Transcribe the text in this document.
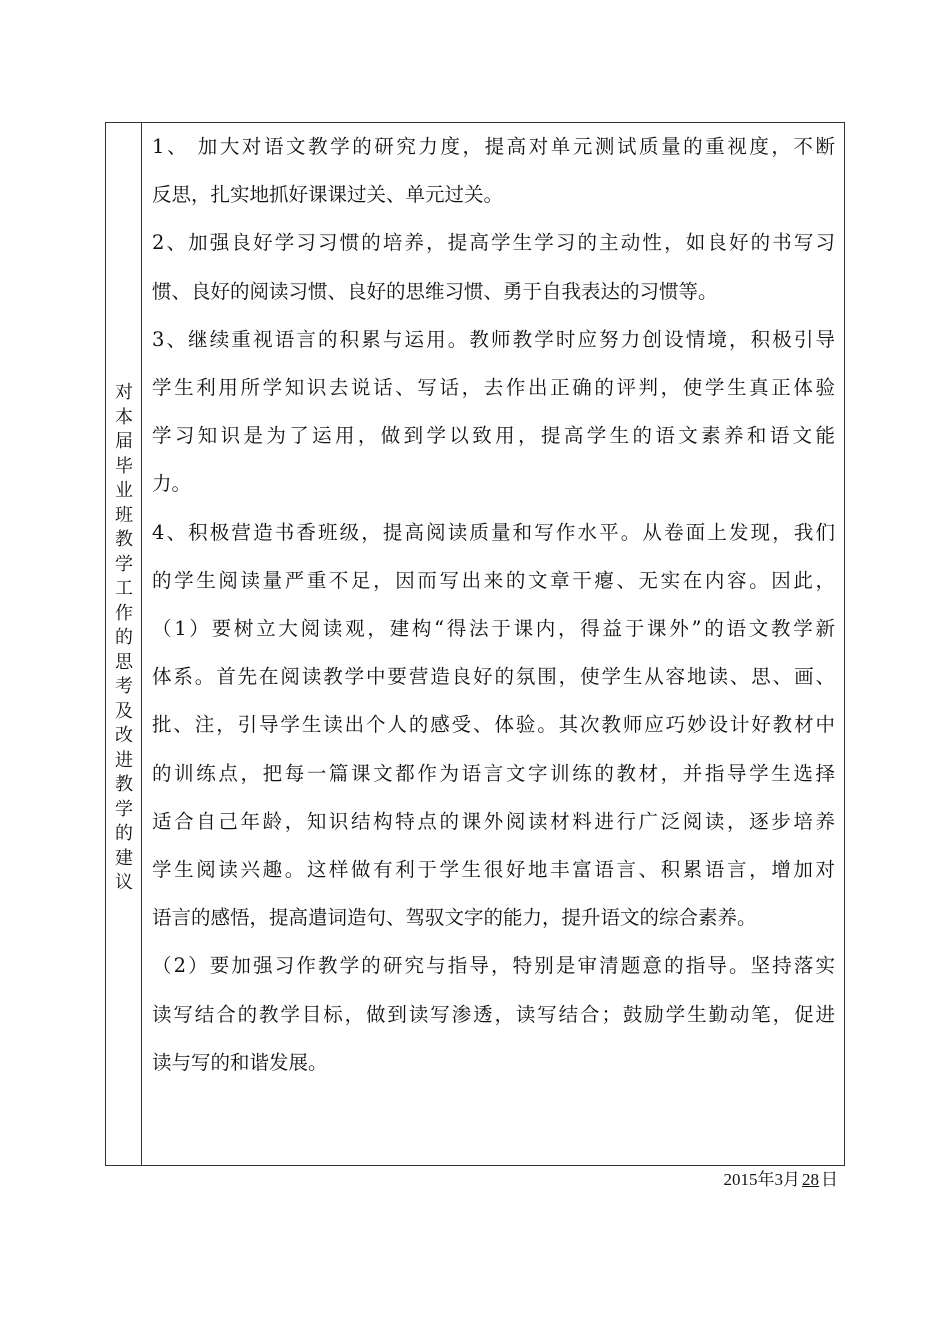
对
本
届
毕
业
班
教
学
工
作
的
思
考
及
改
进
教
学
的
建
议

1、 加大对语文教学的研究力度，提高对单元测试质量的重视度，不断
反思，扎实地抓好课课过关、单元过关。
2、加强良好学习习惯的培养，提高学生学习的主动性，如良好的书写习
惯、良好的阅读习惯、良好的思维习惯、勇于自我表达的习惯等。
3、继续重视语言的积累与运用。教师教学时应努力创设情境，积极引导
学生利用所学知识去说话、写话，去作出正确的评判，使学生真正体验
学习知识是为了运用，做到学以致用，提高学生的语文素养和语文能
力。
4、积极营造书香班级，提高阅读质量和写作水平。从卷面上发现，我们
的学生阅读量严重不足，因而写出来的文章干瘪、无实在内容。因此，
（1）要树立大阅读观，建构“得法于课内，得益于课外”的语文教学新
体系。首先在阅读教学中要营造良好的氛围，使学生从容地读、思、画、
批、注，引导学生读出个人的感受、体验。其次教师应巧妙设计好教材中
的训练点，把每一篇课文都作为语言文字训练的教材，并指导学生选择
适合自己年龄，知识结构特点的课外阅读材料进行广泛阅读，逐步培养
学生阅读兴趣。这样做有利于学生很好地丰富语言、积累语言，增加对
语言的感悟，提高遣词造句、驾驭文字的能力，提升语文的综合素养。
（2）要加强习作教学的研究与指导，特别是审清题意的指导。坚持落实
读写结合的教学目标，做到读写渗透，读写结合；鼓励学生勤动笔，促进
读与写的和谐发展。
2015年3月 28 日
